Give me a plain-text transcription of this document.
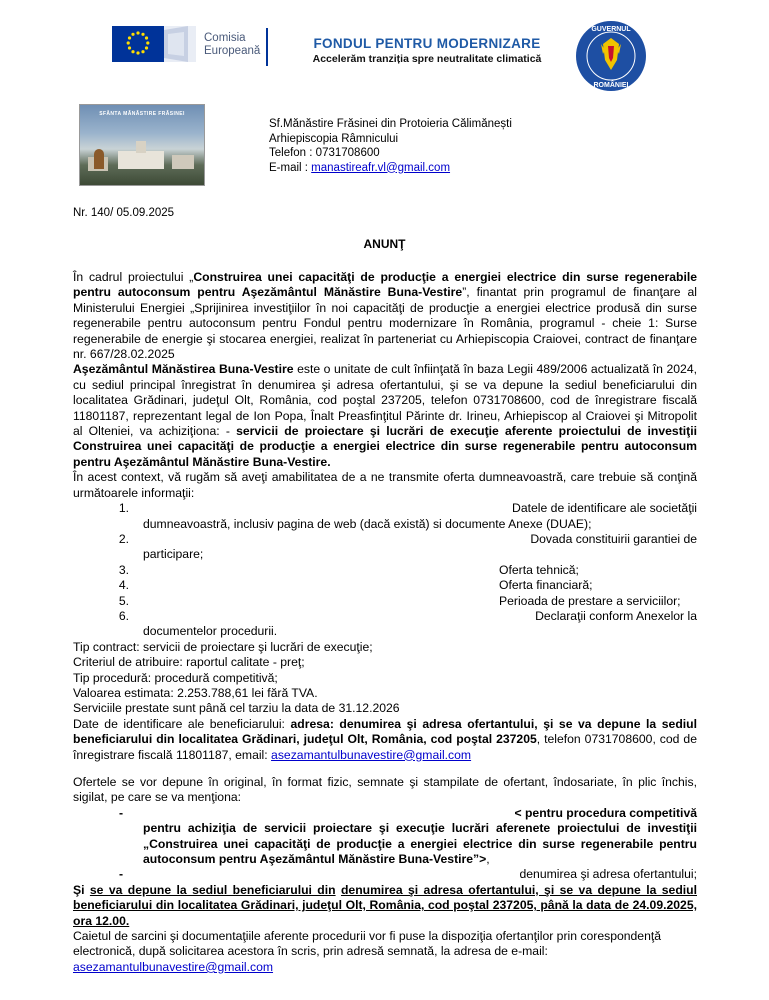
Comisia
Europeană	FONDUL PENTRU MODERNIZARE
Accelerăm tranziția spre neutralitate climatică
GUVERNUL
ROMÂNIEI
SFÂNTA MĂNĂSTIRE FRĂSINEI
Sf.Mănăstire Frăsinei din Protoieria Călimănești
Arhiepiscopia Râmnicului
Telefon : 0731708600
E-mail : manastireafr.vl@gmail.com
Nr. 140/ 05.09.2025
ANUNŢ

În cadrul proiectului „Construirea unei capacităţi de producţie a energiei electrice din surse regenerabile pentru autoconsum pentru Aşezământul Mănăstire Buna-Vestire”, finantat prin programul de finanţare al Ministerului Energiei „Sprijinirea investiţiilor în noi capacităţi de producţie a energiei electrice produsă din surse regenerabile pentru autoconsum pentru Fondul pentru modernizare în România, programul - cheie 1: Surse regenerabile de energie şi stocarea energiei, realizat în parteneriat cu Arhiepiscopia Craiovei, contract de finanţare nr. 667/28.02.2025

Aşezământul Mănăstirea Buna-Vestire este o unitate de cult înfiinţată în baza Legii 489/2006 actualizată în 2024, cu sediul principal înregistrat în denumirea şi adresa ofertantului, şi se va depune la sediul beneficiarului din localitatea Grădinari, judeţul Olt, România, cod poştal 237205, telefon 0731708600, cod de înregistrare fiscală 11801187, reprezentant legal de Ion Popa, Înalt Preasfinţitul Părinte dr. Irineu, Arhiepiscop al Craiovei şi Mitropolit al Olteniei, va achiziţiona: - servicii de proiectare şi lucrări de execuţie aferente proiectului de investiţii Construirea unei capacităţi de producţie a energiei electrice din surse regenerabile pentru autoconsum pentru Aşezământul Mănăstire Buna-Vestire.

În acest context, vă rugăm să aveţi amabilitatea de a ne transmite oferta dumneavoastră, care trebuie să conţină următoarele informaţii:

1.	Datele de identificare ale societăţii
dumneavoastră, inclusiv pagina de web (dacă există) si documente Anexe (DUAE);
2.	Dovada constituirii garantiei de
participare;
3.	Oferta tehnică;
4.	Oferta financiară;
5.	Perioada de prestare a serviciilor;
6.	Declaraţii conform Anexelor la
documentelor procedurii.

Tip contract: servicii de proiectare şi lucrări de execuţie;

Criteriul de atribuire: raportul calitate - preţ;

Tip procedură: procedură competitivă;

Valoarea estimata: 2.253.788,61 lei fără TVA.

Serviciile prestate sunt până cel tarziu la data de 31.12.2026

Date de identificare ale beneficiarului: adresa: denumirea şi adresa ofertantului, şi se va depune la sediul beneficiarului din localitatea Grădinari, judeţul Olt, România, cod poştal 237205, telefon 0731708600, cod de înregistrare fiscală 11801187, email: asezamantulbunavestire@gmail.com

Ofertele se vor depune în original, în format fizic, semnate şi stampilate de ofertant, îndosariate, în plic închis, sigilat, pe care se va menţiona:

-	< pentru procedura competitivă
pentru achiziţia de servicii proiectare şi execuţie lucrări aferenete proiectului de investiţii „Construirea unei capacităţi de producţie a energiei electrice din surse regenerabile pentru autoconsum pentru Aşezământul Mănăstire Buna-Vestire”>,
-	denumirea şi adresa ofertantului;

Şi se va depune la sediul beneficiarului din denumirea şi adresa ofertantului, şi se va depune la sediul beneficiarului din localitatea Grădinari, judeţul Olt, România, cod poştal 237205, până la data de 24.09.2025, ora 12.00.

Caietul de sarcini şi documentaţiile aferente procedurii vor fi puse la dispoziţia ofertanţilor prin corespondenţă electronică, după solicitarea acestora în scris, prin adresă semnată, la adresa de e-mail:

asezamantulbunavestire@gmail.com
